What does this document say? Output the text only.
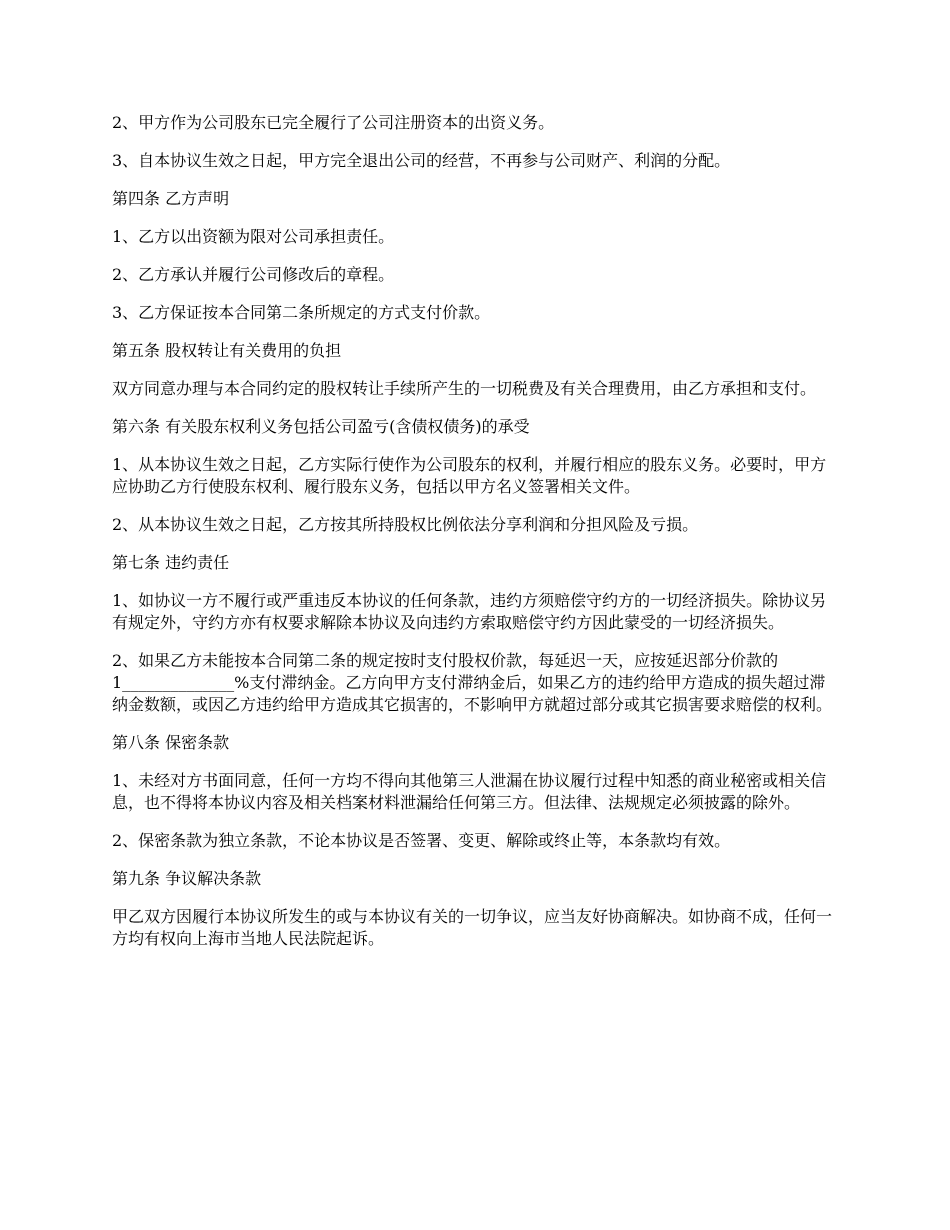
2、甲方作为公司股东已完全履行了公司注册资本的出资义务。

3、自本协议生效之日起，甲方完全退出公司的经营，不再参与公司财产、利润的分配。

第四条 乙方声明

1、乙方以出资额为限对公司承担责任。

2、乙方承认并履行公司修改后的章程。

3、乙方保证按本合同第二条所规定的方式支付价款。

第五条 股权转让有关费用的负担

双方同意办理与本合同约定的股权转让手续所产生的一切税费及有关合理费用，由乙方承担和支付。

第六条 有关股东权利义务包括公司盈亏(含债权债务)的承受

1、从本协议生效之日起，乙方实际行使作为公司股东的权利，并履行相应的股东义务。必要时，甲方应协助乙方行使股东权利、履行股东义务，包括以甲方名义签署相关文件。

2、从本协议生效之日起，乙方按其所持股权比例依法分享利润和分担风险及亏损。

第七条 违约责任

1、如协议一方不履行或严重违反本协议的任何条款，违约方须赔偿守约方的一切经济损失。除协议另有规定外，守约方亦有权要求解除本协议及向违约方索取赔偿守约方因此蒙受的一切经济损失。

2、如果乙方未能按本合同第二条的规定按时支付股权价款，每延迟一天，应按延迟部分价款的1______________%支付滞纳金。乙方向甲方支付滞纳金后，如果乙方的违约给甲方造成的损失超过滞纳金数额，或因乙方违约给甲方造成其它损害的，不影响甲方就超过部分或其它损害要求赔偿的权利。

第八条 保密条款

1、未经对方书面同意，任何一方均不得向其他第三人泄漏在协议履行过程中知悉的商业秘密或相关信息，也不得将本协议内容及相关档案材料泄漏给任何第三方。但法律、法规规定必须披露的除外。

2、保密条款为独立条款，不论本协议是否签署、变更、解除或终止等，本条款均有效。

第九条 争议解决条款

甲乙双方因履行本协议所发生的或与本协议有关的一切争议，应当友好协商解决。如协商不成，任何一方均有权向上海市当地人民法院起诉。
